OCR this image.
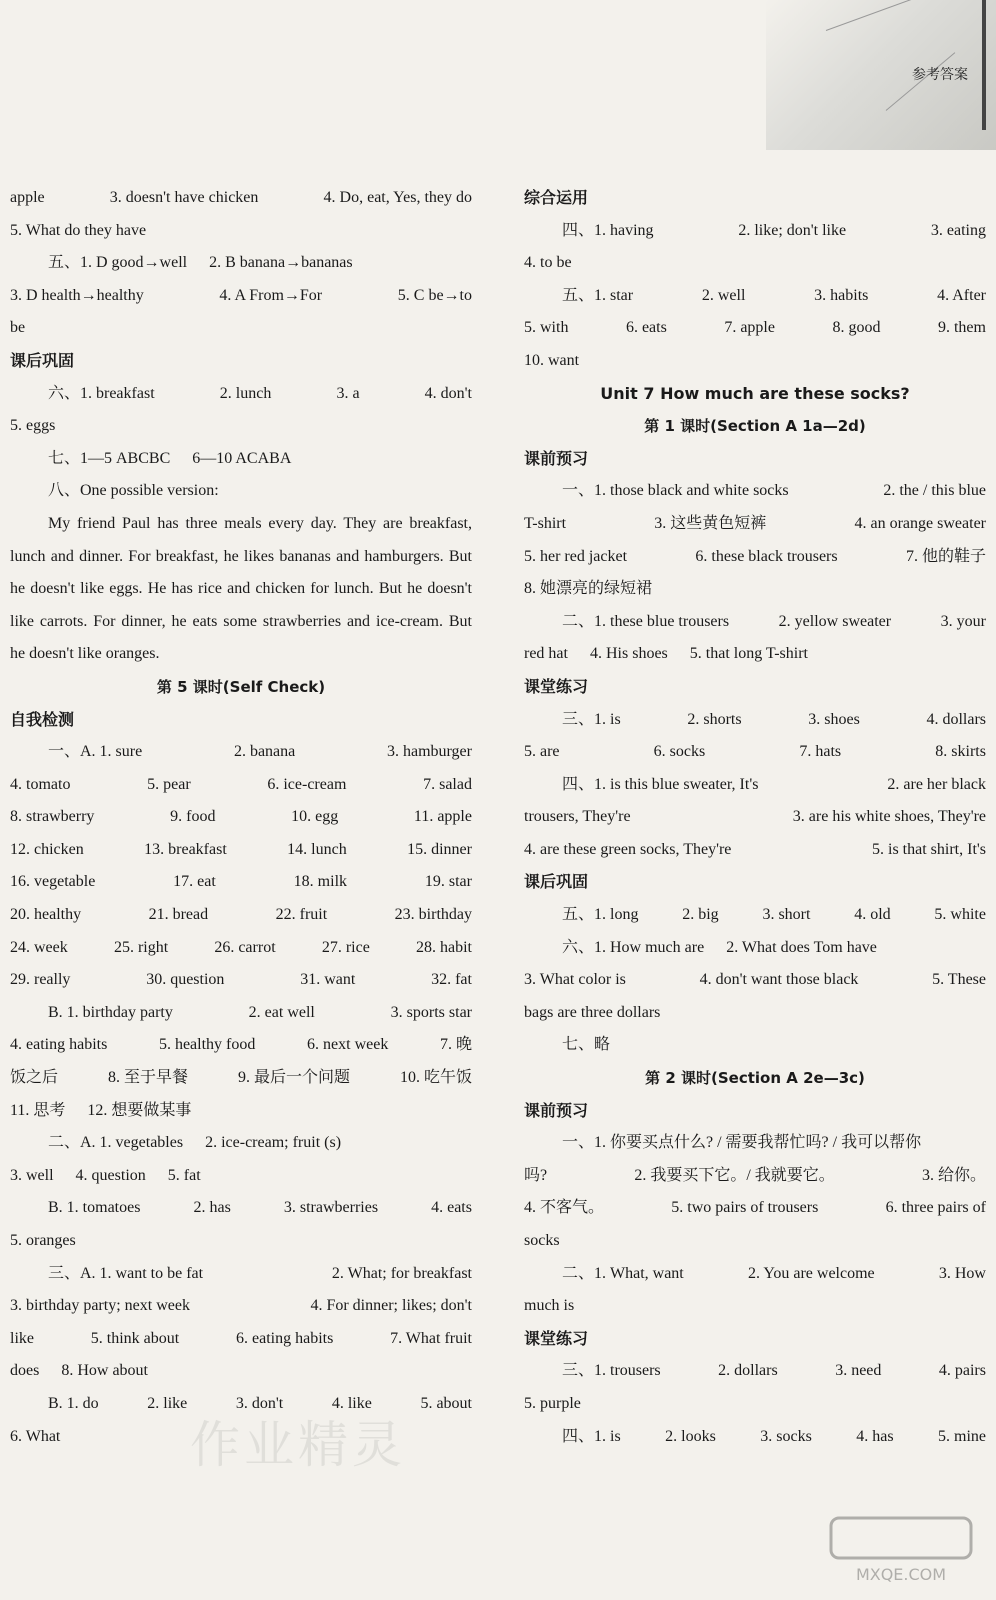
参考答案
apple	3. doesn't have chicken	4. Do, eat, Yes, they do
5. What do they have
五、1. D good→well 2. B banana→bananas
3. D health→healthy	4. A From→For	5. C be→to
be
课后巩固
六、1. breakfast	2. lunch	3. a	4. don't
5. eggs
七、1—5 ABCBC 6—10 ACABA
八、One possible version:
My friend Paul has three meals every day. They are breakfast, lunch and dinner. For breakfast, he likes bananas and hamburgers. But he doesn't like eggs. He has rice and chicken for lunch. But he doesn't like carrots. For dinner, he eats some strawberries and ice-cream. But he doesn't like oranges.
第 5 课时(Self Check)
自我检测
一、A. 1. sure	2. banana	3. hamburger
4. tomato	5. pear	6. ice-cream	7. salad
8. strawberry	9. food	10. egg	11. apple
12. chicken	13. breakfast	14. lunch	15. dinner
16. vegetable	17. eat	18. milk	19. star
20. healthy	21. bread	22. fruit	23. birthday
24. week	25. right	26. carrot	27. rice	28. habit
29. really	30. question	31. want	32. fat
B. 1. birthday party	2. eat well	3. sports star
4. eating habits	5. healthy food	6. next week	7. 晚
饭之后	8. 至于早餐	9. 最后一个问题	10. 吃午饭
11. 思考 12. 想要做某事
二、A. 1. vegetables 2. ice-cream; fruit (s)
3. well 4. question 5. fat
B. 1. tomatoes	2. has	3. strawberries	4. eats
5. oranges
三、A. 1. want to be fat	2. What; for breakfast
3. birthday party; next week	4. For dinner; likes; don't
like	5. think about	6. eating habits	7. What fruit
does 8. How about
B. 1. do	2. like	3. don't	4. like	5. about
6. What
综合运用
四、1. having	2. like; don't like	3. eating
4. to be
五、1. star	2. well	3. habits	4. After
5. with	6. eats	7. apple	8. good	9. them
10. want
Unit 7 How much are these socks?
第 1 课时(Section A 1a—2d)
课前预习
一、1. those black and white socks	2. the / this blue
T-shirt	3. 这些黄色短裤	4. an orange sweater
5. her red jacket	6. these black trousers	7. 他的鞋子
8. 她漂亮的绿短裙
二、1. these blue trousers	2. yellow sweater	3. your
red hat 4. His shoes 5. that long T-shirt
课堂练习
三、1. is	2. shorts	3. shoes	4. dollars
5. are	6. socks	7. hats	8. skirts
四、1. is this blue sweater, It's	2. are her black
trousers, They're	3. are his white shoes, They're
4. are these green socks, They're	5. is that shirt, It's
课后巩固
五、1. long	2. big	3. short	4. old	5. white
六、1. How much are 2. What does Tom have
3. What color is	4. don't want those black	5. These
bags are three dollars
七、略
第 2 课时(Section A 2e—3c)
课前预习
一、1. 你要买点什么? / 需要我帮忙吗? / 我可以帮你
吗?	2. 我要买下它。/ 我就要它。	3. 给你。
4. 不客气。	5. two pairs of trousers	6. three pairs of
socks
二、1. What, want	2. You are welcome	3. How
much is
课堂练习
三、1. trousers	2. dollars	3. need	4. pairs
5. purple
四、1. is	2. looks	3. socks	4. has	5. mine
作业精灵
MXQE.COM
